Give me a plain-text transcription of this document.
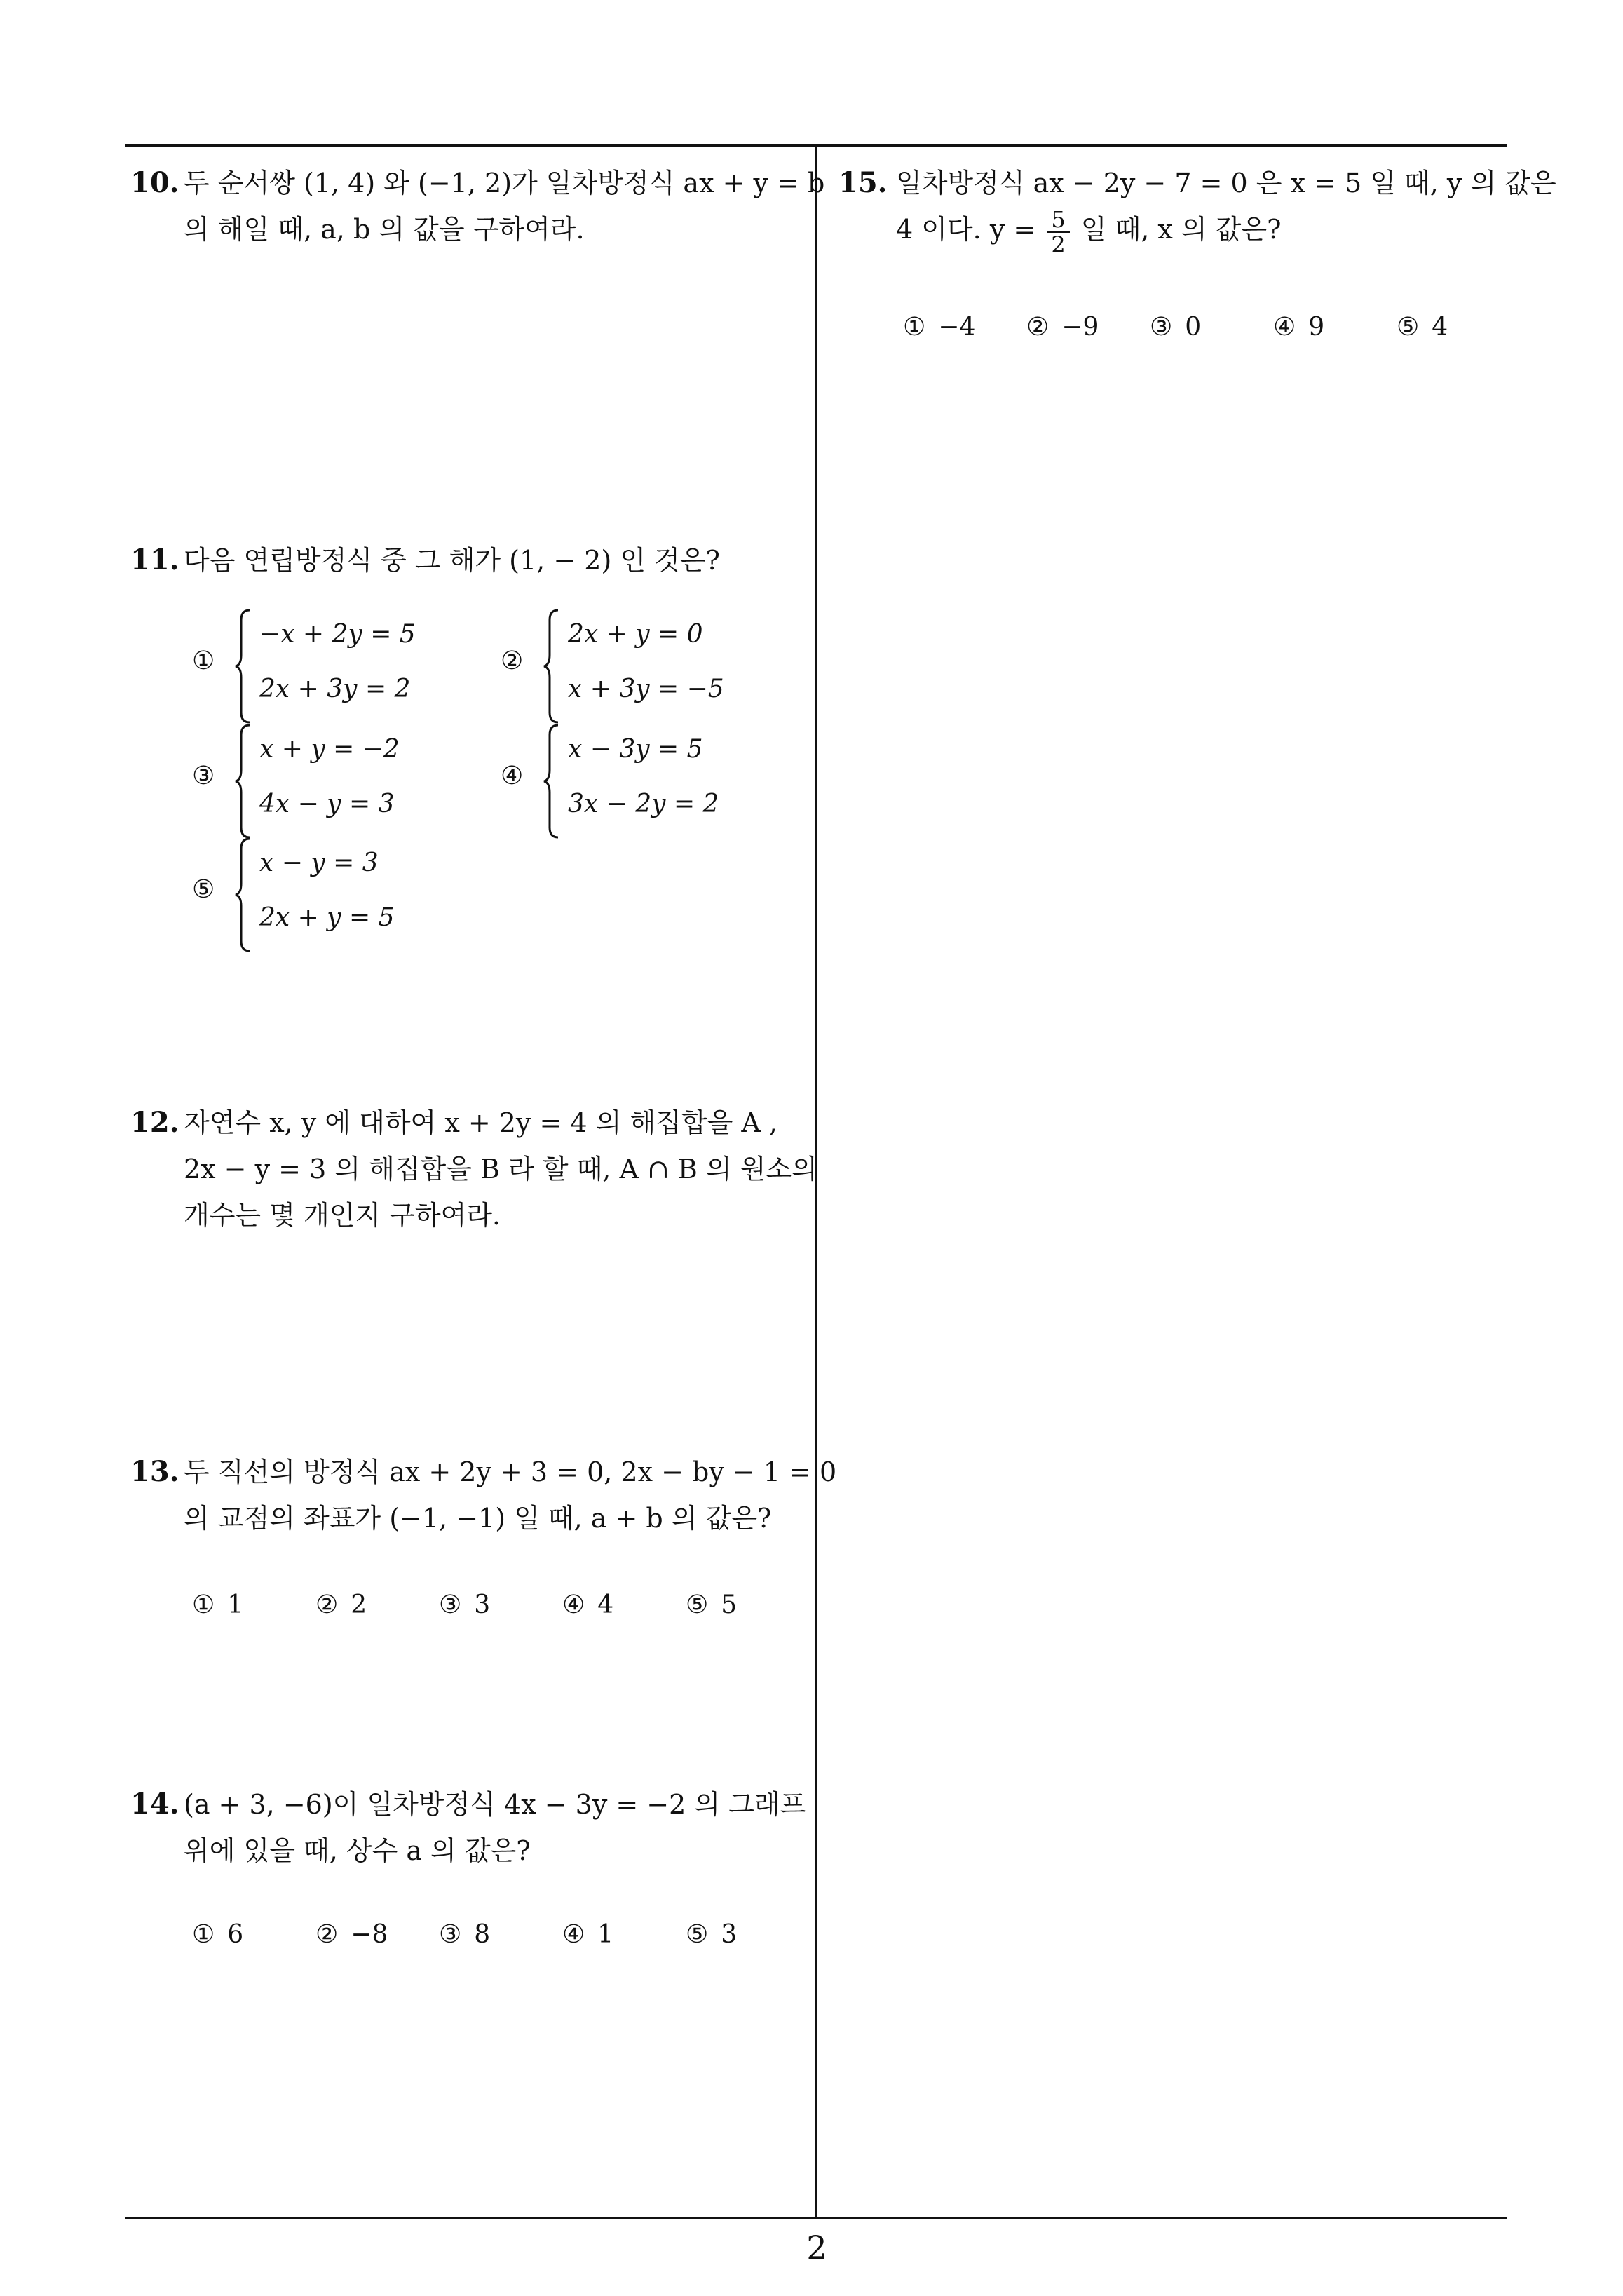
2
10. 두 순서쌍 (1, 4) 와 (−1, 2)가 일차방정식 ax + y = b
의 해일 때, a, b 의 값을 구하여라.
11. 다음 연립방정식 중 그 해가 (1, − 2) 인 것은?
①
−x + 2y = 5
2x + 3y = 2
②
2x + y = 0
x + 3y = −5
③
x + y = −2
4x − y = 3
④
x − 3y = 5
3x − 2y = 2
⑤
x − y = 3
2x + y = 5
12. 자연수 x, y 에 대하여 x + 2y = 4 의 해집합을 A ,
2x − y = 3 의 해집합을 B 라 할 때, A ∩ B 의 원소의
개수는 몇 개인지 구하여라.
13. 두 직선의 방정식 ax + 2y + 3 = 0, 2x − by − 1 = 0
의 교점의 좌표가 (−1, −1) 일 때, a + b 의 값은?
① 1	② 2	③ 3	④ 4	⑤ 5
14. (a + 3, −6)이 일차방정식 4x − 3y = −2 의 그래프
위에 있을 때, 상수 a 의 값은?
① 6	② −8 ③ 8	④ 1	⑤ 3
15. 일차방정식 ax − 2y − 7 = 0 은 x = 5 일 때, y 의 값은
4 이다. $y = \frac{5}{2}$ 일 때, x 의 값은?
① −4 ② −9 ③ 0	④ 9	⑤ 4
